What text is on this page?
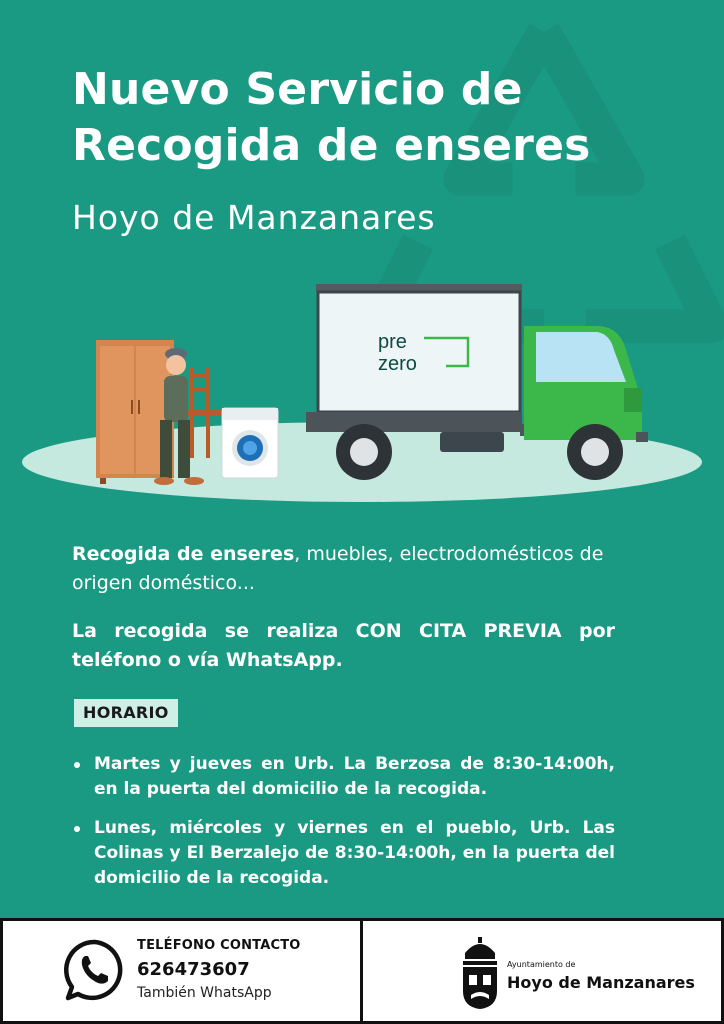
Nuevo Servicio de
Recogida de enseres
Hoyo de Manzanares
pre
zero

Recogida de enseres, muebles, electrodomésticos de origen doméstico...

La recogida se realiza CON CITA PREVIA por teléfono o vía WhatsApp.

HORARIO
Martes y jueves en Urb. La Berzosa de 8:30-14:00h, en la puerta del domicilio de la recogida.
Lunes, miércoles y viernes en el pueblo, Urb. Las Colinas y El Berzalejo de 8:30-14:00h, en la puerta del domicilio de la recogida.
TELÉFONO CONTACTO
626473607
También WhatsApp
Ayuntamiento de
Hoyo de Manzanares
